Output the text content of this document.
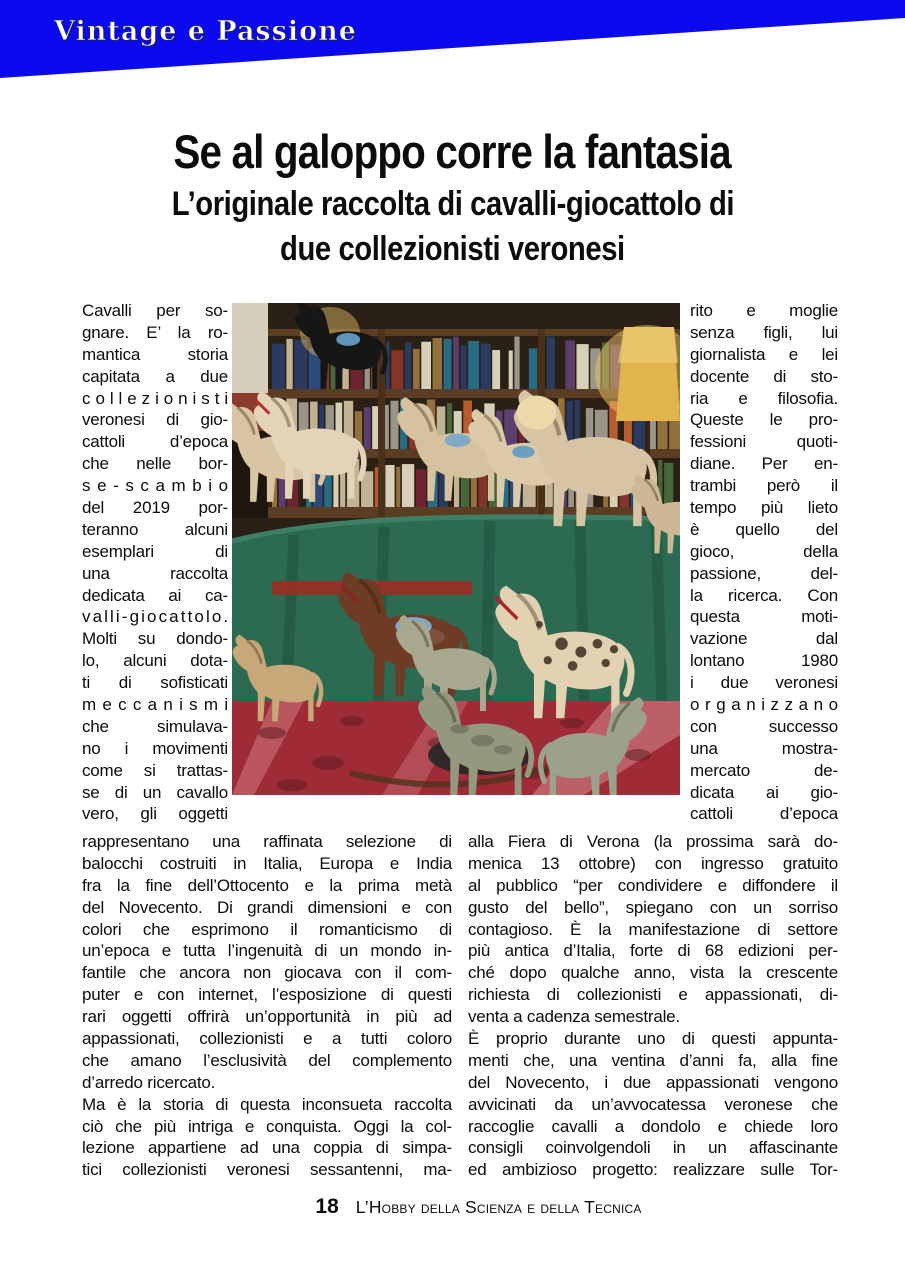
Vintage e Passione
Se al galoppo corre la fantasia
L’originale raccolta di cavalli-giocattolo di
due collezionisti veronesi
Cavalli per so-
gnare. E’ la ro-
mantica storia
capitata a due
c o l l e z i o n i s t i
veronesi di gio-
cattoli d’epoca
che nelle bor-
s e - s c a m b i o
del 2019 por-
teranno alcuni
esemplari di
una raccolta
dedicata ai ca-
v a l l i - g i o c a t t o l o .
Molti su dondo-
lo, alcuni dota-
ti di sofisticati
m e c c a n i s m i
che simulava-
no i movimenti
come si trattas-
se di un cavallo
vero, gli oggetti
rito e moglie
senza figli, lui
giornalista e lei
docente di sto-
ria e filosofia.
Queste le pro-
fessioni quoti-
diane. Per en-
trambi però il
tempo più lieto
è quello del
gioco, della
passione, del-
la ricerca. Con
questa moti-
vazione dal
lontano 1980
i due veronesi
o r g a n i z z a n o
con successo
una mostra-
mercato de-
dicata ai gio-
cattoli d’epoca
rappresentano una raffinata selezione di
balocchi costruiti in Italia, Europa e India
fra la fine dell’Ottocento e la prima metà
del Novecento. Di grandi dimensioni e con
colori che esprimono il romanticismo di
un’epoca e tutta l’ingenuità di un mondo in-
fantile che ancora non giocava con il com-
puter e con internet, l’esposizione di questi
rari oggetti offrirà un’opportunità in più ad
appassionati, collezionisti e a tutti coloro
che amano l’esclusività del complemento
d’arredo ricercato.
Ma è la storia di questa inconsueta raccolta
ciò che più intriga e conquista. Oggi la col-
lezione appartiene ad una coppia di simpa-
tici collezionisti veronesi sessantenni, ma-
alla Fiera di Verona (la prossima sarà do-
menica 13 ottobre) con ingresso gratuito
al pubblico “per condividere e diffondere il
gusto del bello”, spiegano con un sorriso
contagioso. È la manifestazione di settore
più antica d’Italia, forte di 68 edizioni per-
ché dopo qualche anno, vista la crescente
richiesta di collezionisti e appassionati, di-
venta a cadenza semestrale.
È proprio durante uno di questi appunta-
menti che, una ventina d’anni fa, alla fine
del Novecento, i due appassionati vengono
avvicinati da un’avvocatessa veronese che
raccoglie cavalli a dondolo e chiede loro
consigli coinvolgendoli in un affascinante
ed ambizioso progetto: realizzare sulle Tor-
18 L’Hobby della Scienza e della Tecnica
